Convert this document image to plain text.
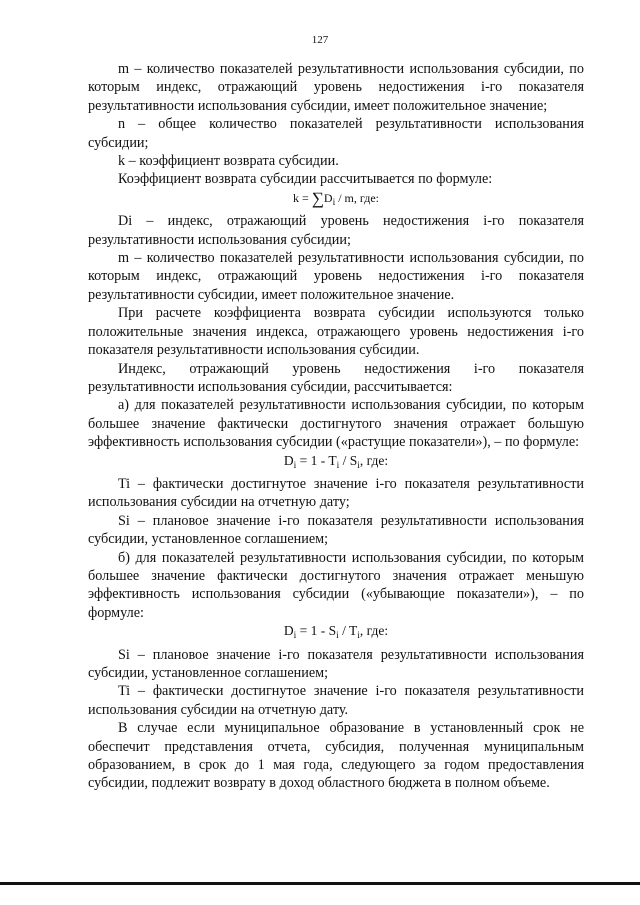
127

m – количество показателей результативности использования субсидии, по которым индекс, отражающий уровень недостижения i-го показателя результативности использования субсидии, имеет положительное значение;

n – общее количество показателей результативности использования субсидии;

k – коэффициент возврата субсидии.

Коэффициент возврата субсидии рассчитывается по формуле:

$k = \sum D_i / m$, где:

Di – индекс, отражающий уровень недостижения i-го показателя результативности использования субсидии;

m – количество показателей результативности использования субсидии, по которым индекс, отражающий уровень недостижения i-го показателя результативности субсидии, имеет положительное значение.

При расчете коэффициента возврата субсидии используются только положительные значения индекса, отражающего уровень недостижения i-го показателя результативности использования субсидии.

Индекс, отражающий уровень недостижения i-го показателя результативности использования субсидии, рассчитывается:

а) для показателей результативности использования субсидии, по которым большее значение фактически достигнутого значения отражает большую эффективность использования субсидии («растущие показатели»), – по формуле:

$D_i = 1 - T_i / S_i$, где:

Ti – фактически достигнутое значение i-го показателя результативности использования субсидии на отчетную дату;

Si – плановое значение i-го показателя результативности использования субсидии, установленное соглашением;

б) для показателей результативности использования субсидии, по которым большее значение фактически достигнутого значения отражает меньшую эффективность использования субсидии («убывающие показатели»), – по формуле:

$D_i = 1 - S_i / T_i$, где:

Si – плановое значение i-го показателя результативности использования субсидии, установленное соглашением;

Ti – фактически достигнутое значение i-го показателя результативности использования субсидии на отчетную дату.

В случае если муниципальное образование в установленный срок не обеспечит представления отчета, субсидия, полученная муниципальным образованием, в срок до 1 мая года, следующего за годом предоставления субсидии, подлежит возврату в доход областного бюджета в полном объеме.
